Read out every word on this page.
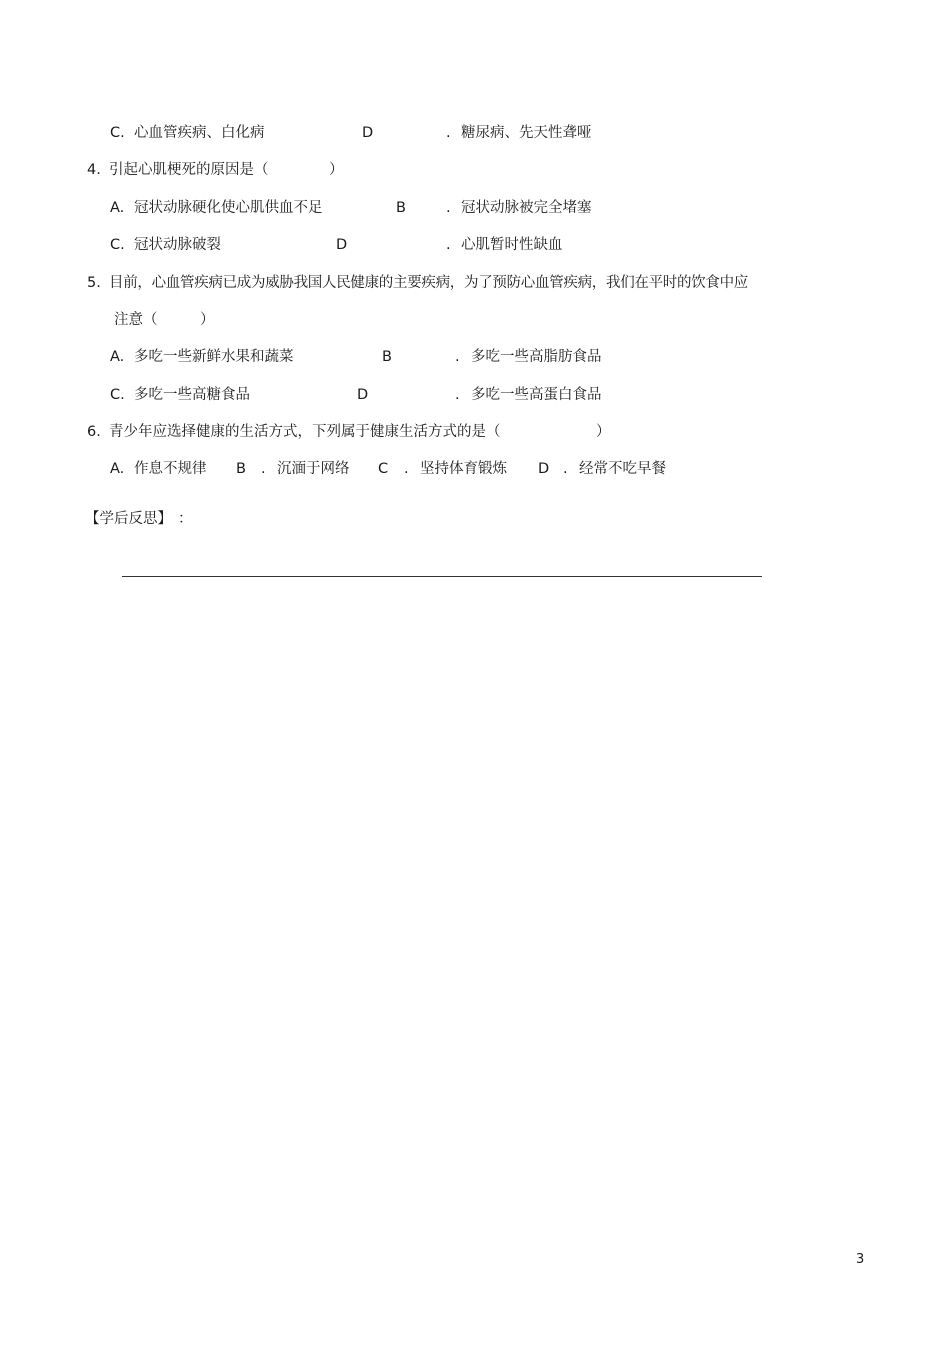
C. 心血管疾病、白化病	D	. 糖尿病、先天性聋哑
4. 引起心肌梗死的原因是（	）
A. 冠状动脉硬化使心肌供血不足	B	. 冠状动脉被完全堵塞
C. 冠状动脉破裂	D	. 心肌暂时性缺血
5. 目前，心血管疾病已成为威胁我国人民健康的主要疾病，为了预防心血管疾病，我们在平时的饮食中应
注意（	）
A. 多吃一些新鲜水果和蔬菜	B	. 多吃一些高脂肪食品
C. 多吃一些高糖食品	D	. 多吃一些高蛋白食品
6. 青少年应选择健康的生活方式，下列属于健康生活方式的是（	）
A. 作息不规律 B . 沉湎于网络 C . 坚持体育锻炼 D . 经常不吃早餐
【学后反思】 ：
3
